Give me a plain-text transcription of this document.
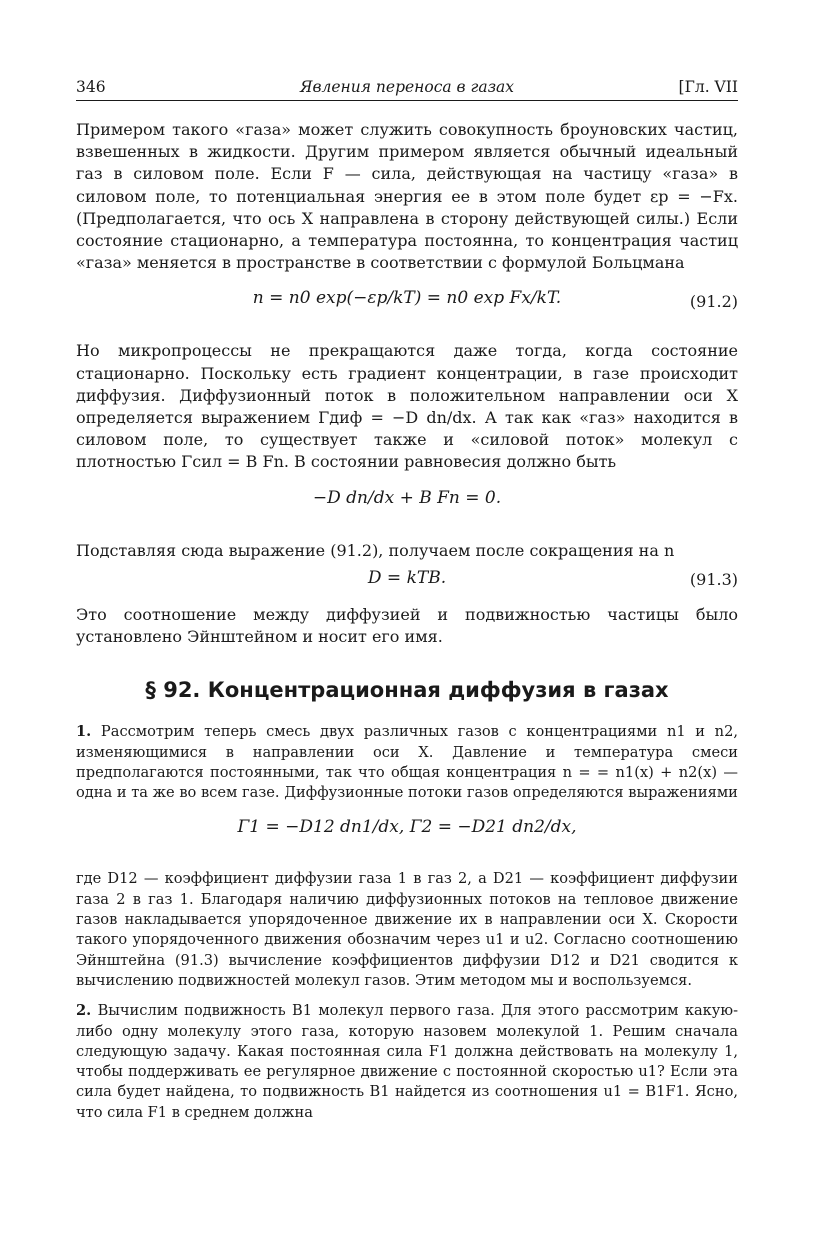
346	Явления переноса в газах	[Гл. VII

Примером такого «газа» может служить совокупность броуновских частиц, взвешенных в жидкости. Другим примером является обычный идеальный газ в силовом поле. Если F — сила, действующая на частицу «газа» в силовом поле, то потенциальная энергия ее в этом поле будет εp = −Fx. (Предполагается, что ось X направлена в сторону действующей силы.) Если состояние стационарно, а температура постоянна, то концентрация частиц «газа» меняется в пространстве в соответствии с формулой Больцмана

n = n0 exp(−εp/kT) = n0 exp Fx/kT.	(91.2)

Но микропроцессы не прекращаются даже тогда, когда состояние стационарно. Поскольку есть градиент концентрации, в газе происходит диффузия. Диффузионный поток в положительном направлении оси X определяется выражением Γдиф = −D dn/dx. А так как «газ» находится в силовом поле, то существует также и «силовой поток» молекул с плотностью Γсил = B Fn. В состоянии равновесия должно быть

−D dn/dx + B Fn = 0.

Подставляя сюда выражение (91.2), получаем после сокращения на n

D = kTB.	(91.3)

Это соотношение между диффузией и подвижностью частицы было установлено Эйнштейном и носит его имя.

§ 92. Концентрационная диффузия в газах

1. Рассмотрим теперь смесь двух различных газов с концентрациями n1 и n2, изменяющимися в направлении оси X. Давление и температура смеси предполагаются постоянными, так что общая концентрация n = = n1(x) + n2(x) — одна и та же во всем газе. Диффузионные потоки газов определяются выражениями

Γ1 = −D12 dn1/dx, Γ2 = −D21 dn2/dx,

где D12 — коэффициент диффузии газа 1 в газ 2, а D21 — коэффициент диффузии газа 2 в газ 1. Благодаря наличию диффузионных потоков на тепловое движение газов накладывается упорядоченное движение их в направлении оси X. Скорости такого упорядоченного движения обозначим через u1 и u2. Согласно соотношению Эйнштейна (91.3) вычисление коэффициентов диффузии D12 и D21 сводится к вычислению подвижностей молекул газов. Этим методом мы и воспользуемся.

2. Вычислим подвижность B1 молекул первого газа. Для этого рассмотрим какую-либо одну молекулу этого газа, которую назовем молекулой 1. Решим сначала следующую задачу. Какая постоянная сила F1 должна действовать на молекулу 1, чтобы поддерживать ее регулярное движение с постоянной скоростью u1? Если эта сила будет найдена, то подвижность B1 найдется из соотношения u1 = B1F1. Ясно, что сила F1 в среднем должна
